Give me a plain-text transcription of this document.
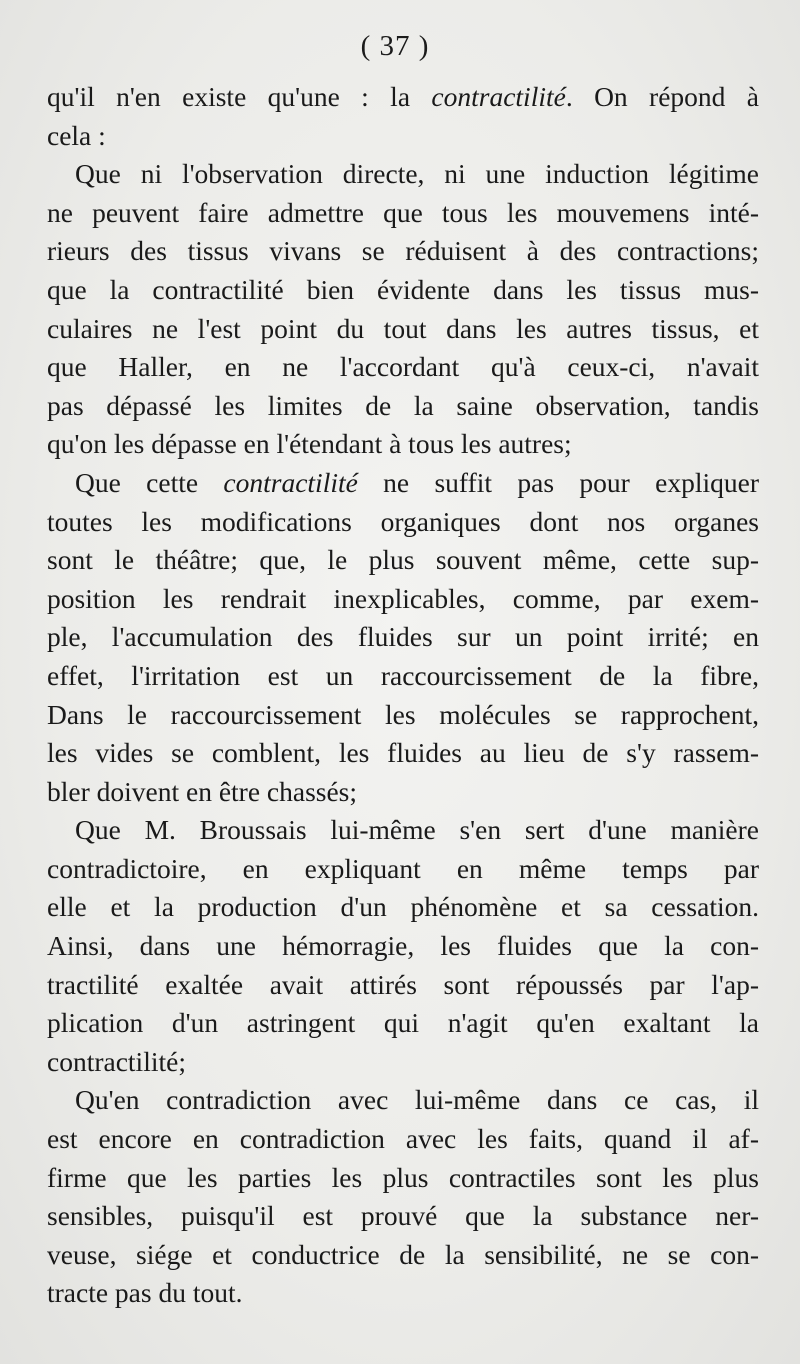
( 37 )
qu'il n'en existe qu'une : la contractilité. On répond à
cela :
Que ni l'observation directe, ni une induction légitime
ne peuvent faire admettre que tous les mouvemens inté-
rieurs des tissus vivans se réduisent à des contractions;
que la contractilité bien évidente dans les tissus mus-
culaires ne l'est point du tout dans les autres tissus, et
que Haller, en ne l'accordant qu'à ceux-ci, n'avait
pas dépassé les limites de la saine observation, tandis
qu'on les dépasse en l'étendant à tous les autres;
Que cette contractilité ne suffit pas pour expliquer
toutes les modifications organiques dont nos organes
sont le théâtre; que, le plus souvent même, cette sup-
position les rendrait inexplicables, comme, par exem-
ple, l'accumulation des fluides sur un point irrité; en
effet, l'irritation est un raccourcissement de la fibre,
Dans le raccourcissement les molécules se rapprochent,
les vides se comblent, les fluides au lieu de s'y rassem-
bler doivent en être chassés;
Que M. Broussais lui-même s'en sert d'une manière
contradictoire, en expliquant en même temps par
elle et la production d'un phénomène et sa cessation.
Ainsi, dans une hémorragie, les fluides que la con-
tractilité exaltée avait attirés sont répoussés par l'ap-
plication d'un astringent qui n'agit qu'en exaltant la
contractilité;
Qu'en contradiction avec lui-même dans ce cas, il
est encore en contradiction avec les faits, quand il af-
firme que les parties les plus contractiles sont les plus
sensibles, puisqu'il est prouvé que la substance ner-
veuse, siége et conductrice de la sensibilité, ne se con-
tracte pas du tout.
